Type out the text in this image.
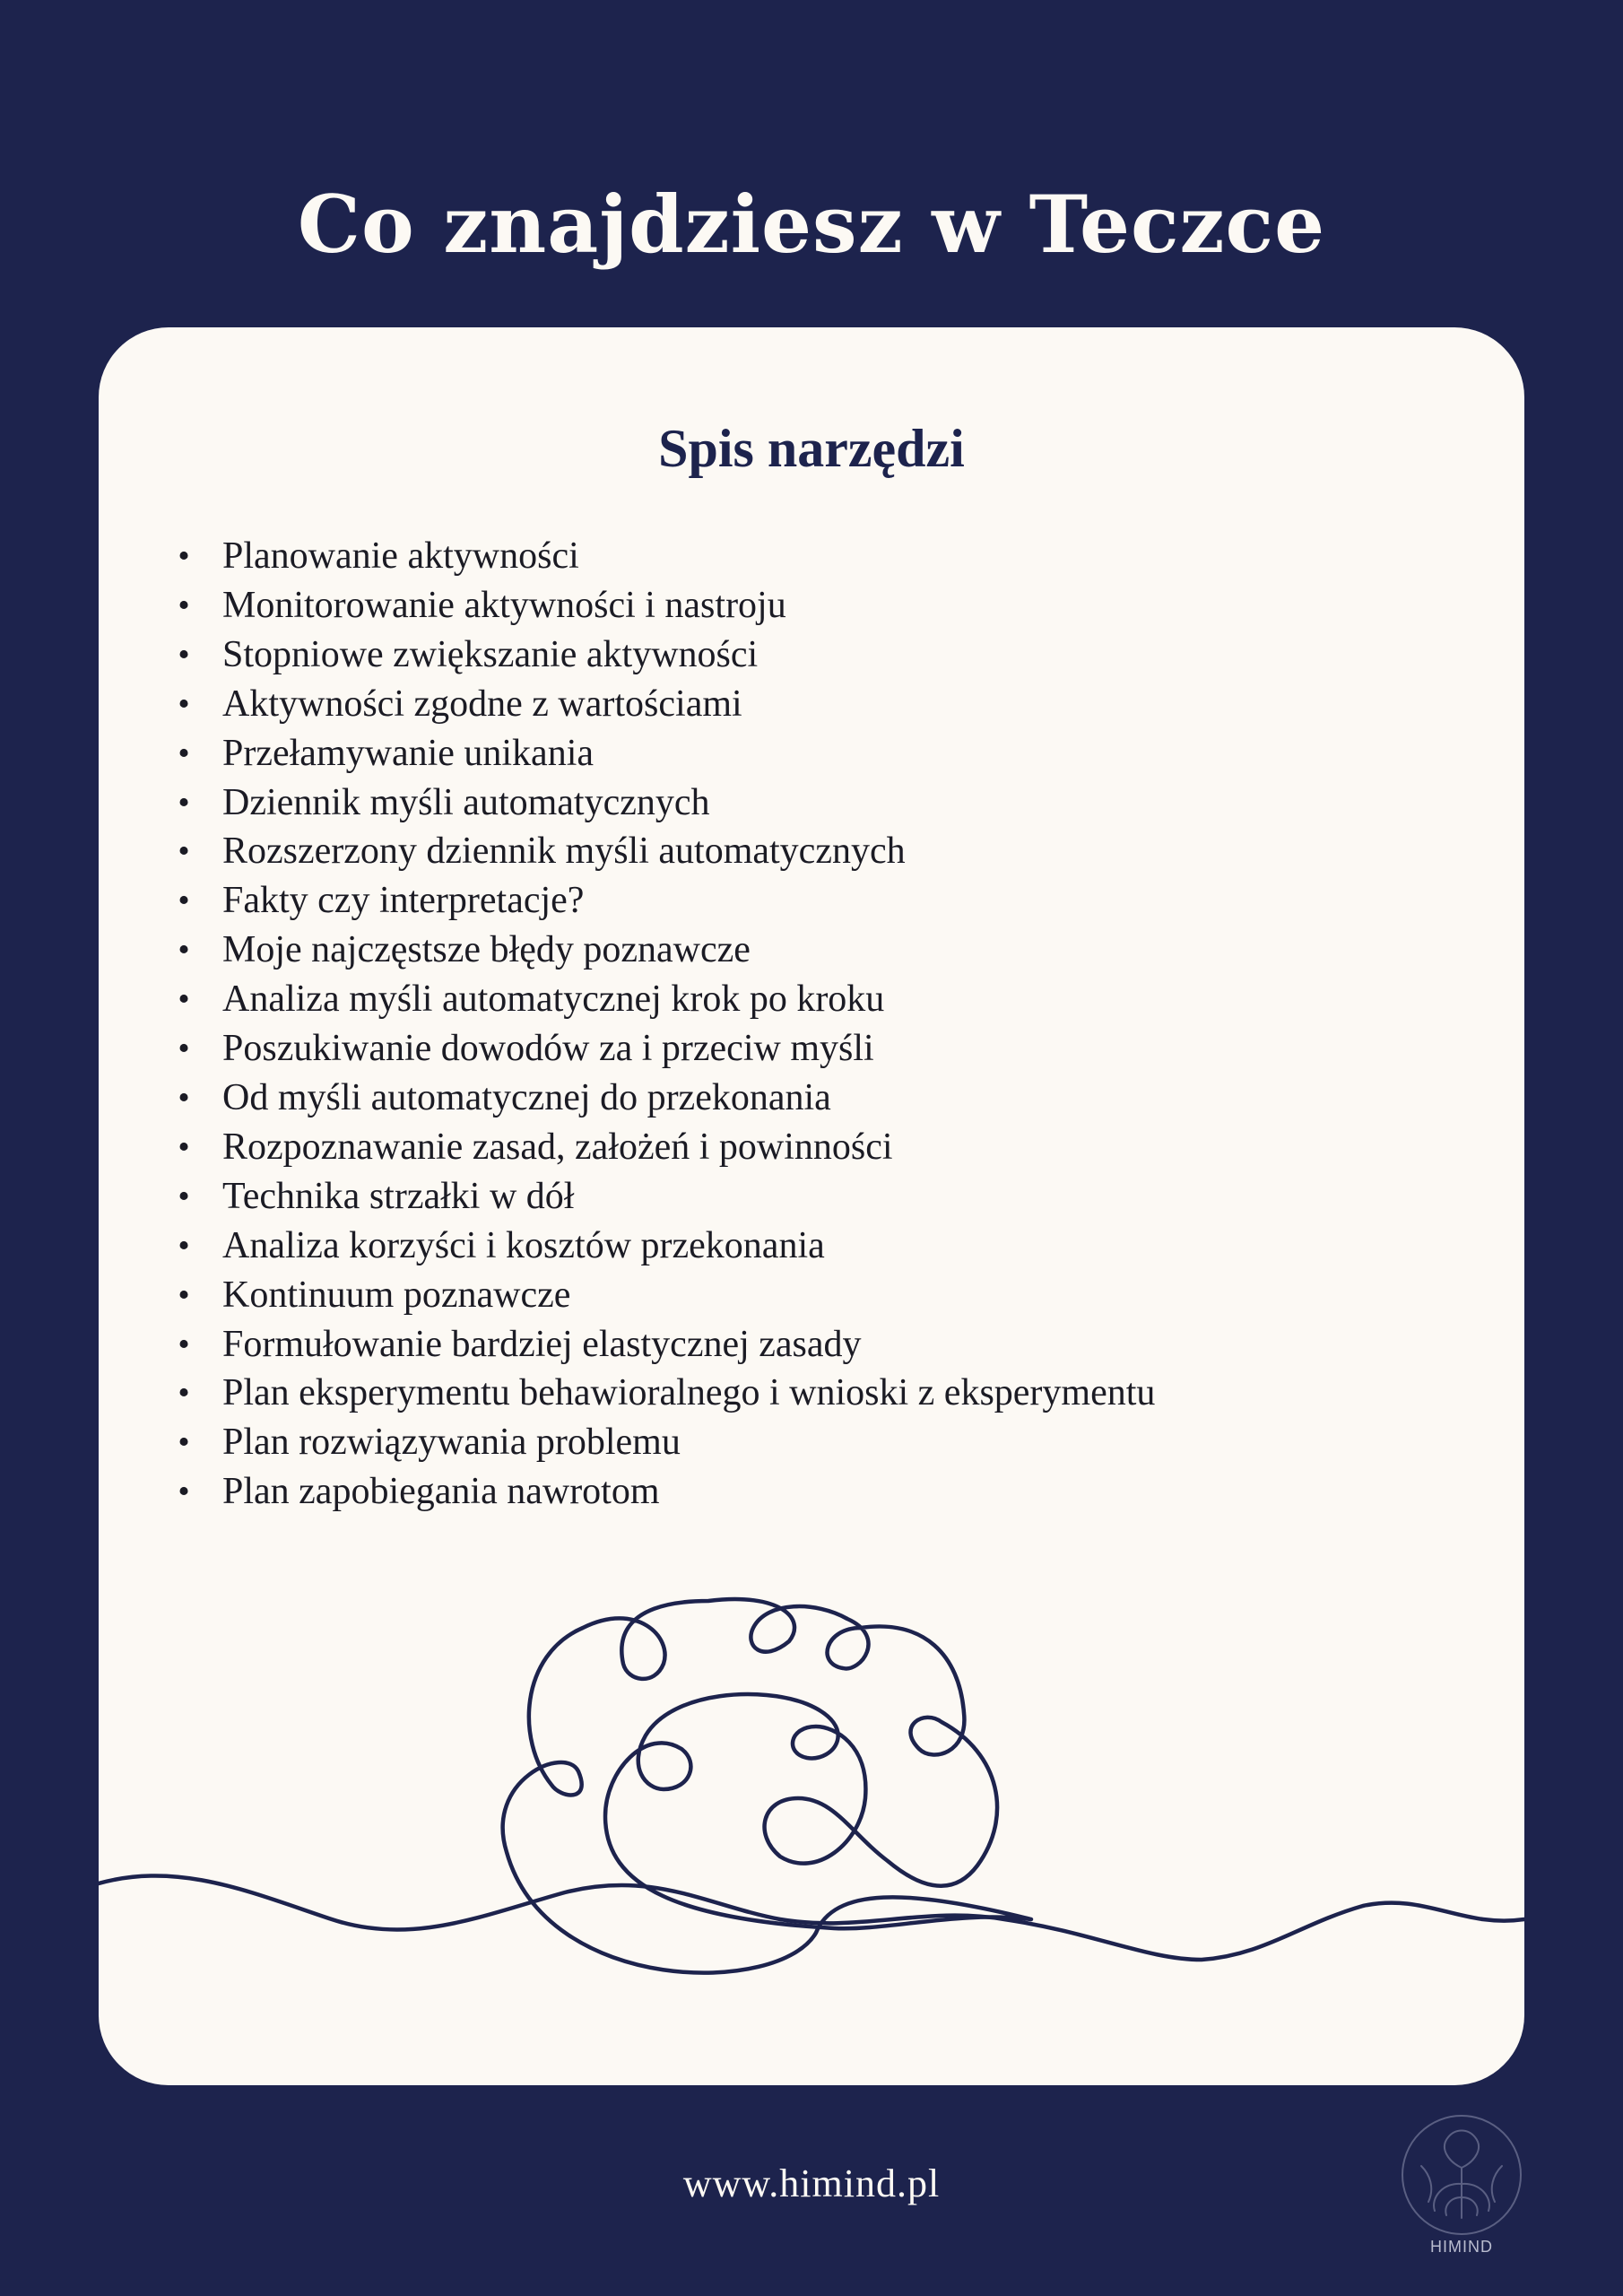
Co znajdziesz w Teczce
Spis narzędzi
• Planowanie aktywności
• Monitorowanie aktywności i nastroju
• Stopniowe zwiększanie aktywności
• Aktywności zgodne z wartościami
• Przełamywanie unikania
• Dziennik myśli automatycznych
• Rozszerzony dziennik myśli automatycznych
• Fakty czy interpretacje?
• Moje najczęstsze błędy poznawcze
• Analiza myśli automatycznej krok po kroku
• Poszukiwanie dowodów za i przeciw myśli
• Od myśli automatycznej do przekonania
• Rozpoznawanie zasad, założeń i powinności
• Technika strzałki w dół
• Analiza korzyści i kosztów przekonania
• Kontinuum poznawcze
• Formułowanie bardziej elastycznej zasady
• Plan eksperymentu behawioralnego i wnioski z eksperymentu
• Plan rozwiązywania problemu
• Plan zapobiegania nawrotom
www.himind.pl
HIMIND
